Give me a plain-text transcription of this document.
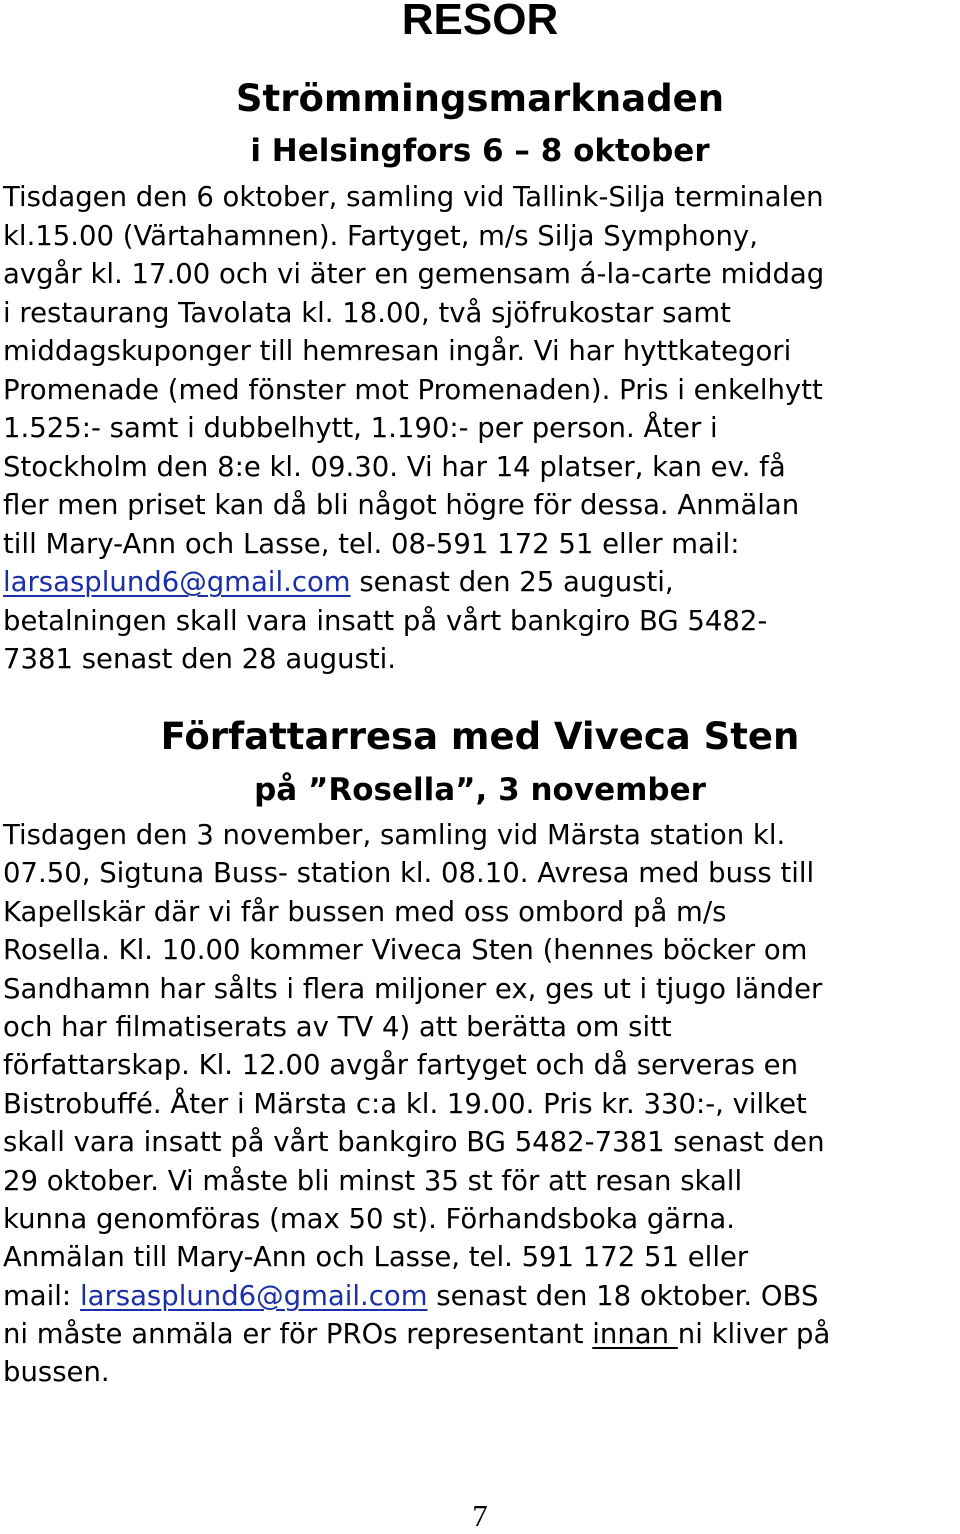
RESOR
Strömmingsmarknaden
i Helsingfors 6 – 8 oktober
Tisdagen den 6 oktober, samling vid Tallink-Silja terminalen
kl.15.00 (Värtahamnen). Fartyget, m/s Silja Symphony,
avgår kl. 17.00 och vi äter en gemensam á-la-carte middag
i restaurang Tavolata kl. 18.00, två sjöfrukostar samt
middagskuponger till hemresan ingår. Vi har hyttkategori
Promenade (med fönster mot Promenaden). Pris i enkelhytt
1.525:- samt i dubbelhytt, 1.190:- per person. Åter i
Stockholm den 8:e kl. 09.30. Vi har 14 platser, kan ev. få
fler men priset kan då bli något högre för dessa. Anmälan
till Mary-Ann och Lasse, tel. 08-591 172 51 eller mail:
larsasplund6@gmail.com senast den 25 augusti,
betalningen skall vara insatt på vårt bankgiro BG 5482-
7381 senast den 28 augusti.
Författarresa med Viveca Sten
på ”Rosella”, 3 november
Tisdagen den 3 november, samling vid Märsta station kl.
07.50, Sigtuna Buss- station kl. 08.10. Avresa med buss till
Kapellskär där vi får bussen med oss ombord på m/s
Rosella. Kl. 10.00 kommer Viveca Sten (hennes böcker om
Sandhamn har sålts i flera miljoner ex, ges ut i tjugo länder
och har filmatiserats av TV 4) att berätta om sitt
författarskap. Kl. 12.00 avgår fartyget och då serveras en
Bistrobuffé. Åter i Märsta c:a kl. 19.00. Pris kr. 330:-, vilket
skall vara insatt på vårt bankgiro BG 5482-7381 senast den
29 oktober. Vi måste bli minst 35 st för att resan skall
kunna genomföras (max 50 st). Förhandsboka gärna.
Anmälan till Mary-Ann och Lasse, tel. 591 172 51 eller
mail: larsasplund6@gmail.com senast den 18 oktober. OBS
ni måste anmäla er för PROs representant innan ni kliver på
bussen.
7
